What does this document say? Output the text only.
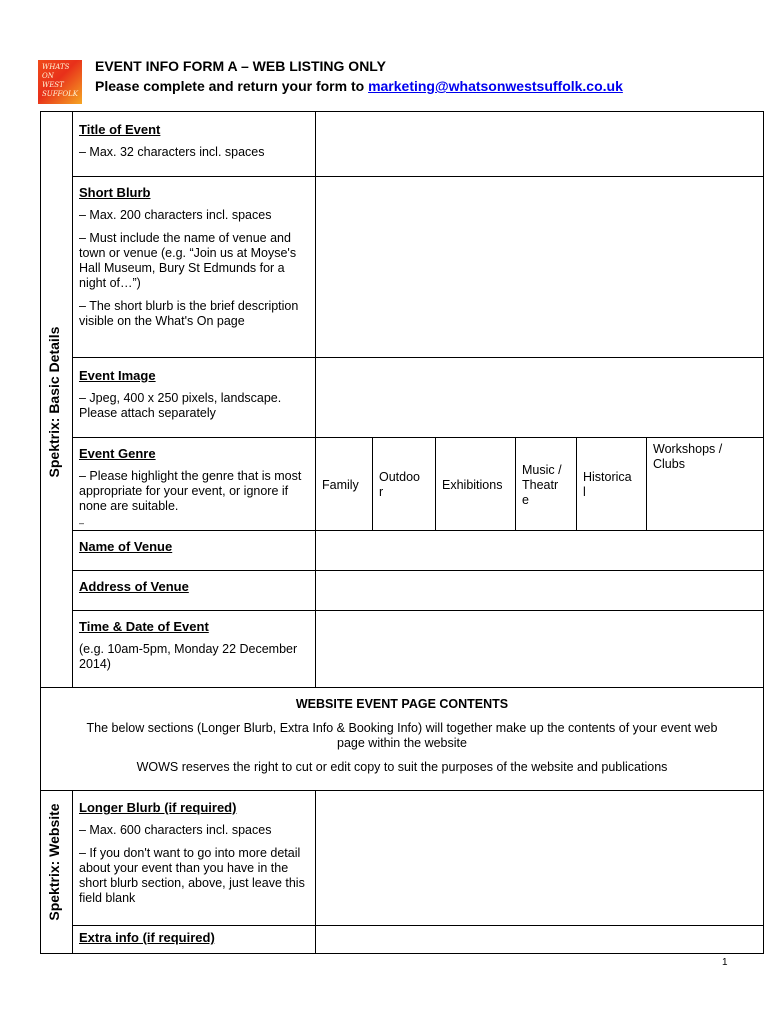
WHATS
ON
WEST
SUFFOLK
EVENT INFO FORM A – WEB LISTING ONLY
Please complete and return your form to marketing@whatsonwestsuffolk.co.uk
Spektrix: Basic Details
Spektrix: Website
Title of Event

– Max. 32 characters incl. spaces

Short Blurb

– Max. 200 characters incl. spaces

– Must include the name of venue and town or venue (e.g. “Join us at Moyse's Hall Museum, Bury St Edmunds for a night of…”)

– The short blurb is the brief description visible on the What's On page

Event Image

– Jpeg, 400 x 250 pixels, landscape. Please attach separately

Event Genre

– Please highlight the genre that is most appropriate for your event, or ignore if none are suitable.

–

Family
Outdoo
r
Exhibitions
Music /
Theatr
e
Historica
l
Workshops /
Clubs
Name of Venue
Address of Venue
Time & Date of Event

(e.g. 10am-5pm, Monday 22 December 2014)

WEBSITE EVENT PAGE CONTENTS
The below sections (Longer Blurb, Extra Info & Booking Info) will together make up the contents of your event web page within the website
WOWS reserves the right to cut or edit copy to suit the purposes of the website and publications
Longer Blurb (if required)

– Max. 600 characters incl. spaces

– If you don't want to go into more detail about your event than you have in the short blurb section, above, just leave this field blank

Extra info (if required)
1
